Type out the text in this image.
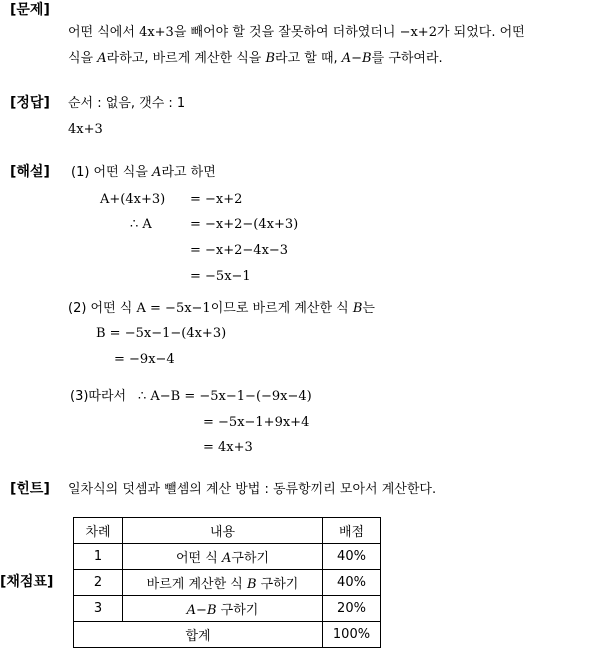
[문제]
[정답]
[해설]
[힌트]
[채점표]
어떤 식에서 4x+3을 빼어야 할 것을 잘못하여 더하였더니 −x+2가 되었다. 어떤
식을 A라하고, 바르게 계산한 식을 B라고 할 때, A−B를 구하여라.
순서 : 없음, 갯수 : 1
4x+3
(1) 어떤 식을 A라고 하면
A+(4x+3) = −x+2
∴ A	= −x+2−(4x+3)
= −x+2−4x−3
= −5x−1
(2) 어떤 식 A = −5x−1이므로 바르게 계산한 식 B는
B = −5x−1−(4x+3)
= −9x−4
(3)따라서 ∴ A−B = −5x−1−(−9x−4)
= −5x−1+9x+4
= 4x+3
일차식의 덧셈과 뺄셈의 계산 방법 : 동류항끼리 모아서 계산한다.
차례	내용	배점
1	어떤 식 A구하기	40%
2	바르게 계산한 식 B 구하기	40%
3	A−B 구하기	20%
합계		100%
